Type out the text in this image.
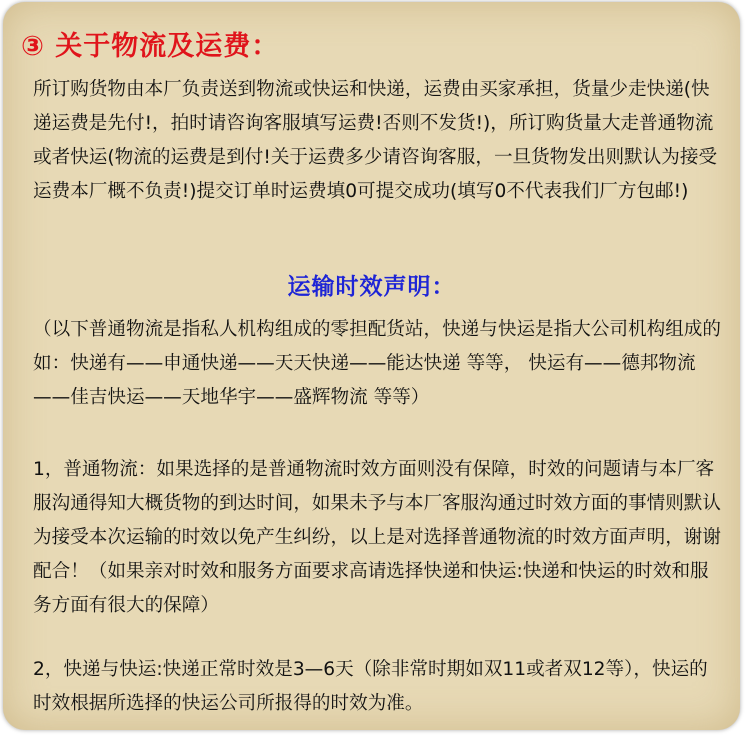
③ 关于物流及运费：

所订购货物由本厂负责送到物流或快运和快递，运费由买家承担，货量少走快递(快递运费是先付!，拍时请咨询客服填写运费!否则不发货!)，所订购货量大走普通物流或者快运(物流的运费是到付!关于运费多少请咨询客服，一旦货物发出则默认为接受运费本厂概不负责!)提交订单时运费填0可提交成功(填写0不代表我们厂方包邮!)

运输时效声明：

（以下普通物流是指私人机构组成的零担配货站，快递与快运是指大公司机构组成的如：快递有——申通快递——天天快递——能达快递 等等， 快运有——德邦物流——佳吉快运——天地华宇——盛辉物流 等等）

1，普通物流：如果选择的是普通物流时效方面则没有保障，时效的问题请与本厂客服沟通得知大概货物的到达时间，如果未予与本厂客服沟通过时效方面的事情则默认为接受本次运输的时效以免产生纠纷，以上是对选择普通物流的时效方面声明，谢谢配合！（如果亲对时效和服务方面要求高请选择快递和快运:快递和快运的时效和服务方面有很大的保障）

2，快递与快运:快递正常时效是3—6天（除非常时期如双11或者双12等），快运的时效根据所选择的快运公司所报得的时效为准。
